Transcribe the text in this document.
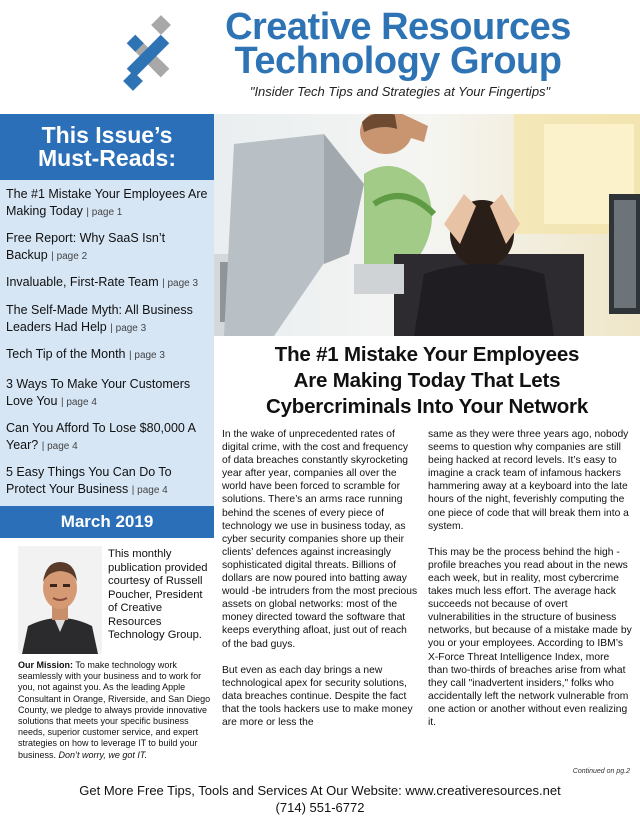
Creative Resources Technology Group
"Insider Tech Tips and Strategies at Your Fingertips"
This Issue’s
Must-Reads:
The #1 Mistake Your Employees Are Making Today | page 1
Free Report: Why SaaS Isn’t Backup | page 2
Invaluable, First-Rate Team | page 3
The Self-Made Myth: All Business Leaders Had Help | page 3
Tech Tip of the Month | page 3
3 Ways To Make Your Customers Love You | page 4
Can You Afford To Lose $80,000 A Year? | page 4
5 Easy Things You Can Do To Protect Your Business | page 4
March 2019
This monthly publication provided courtesy of Russell Poucher, President of Creative Resources Technology Group.
Our Mission: To make technology work seamlessly with your business and to work for you, not against you. As the leading Apple Consultant in Orange, Riverside, and San Diego County, we pledge to always provide innovative solutions that meets your specific business needs, superior customer service, and expert strategies on how to leverage IT to build your business. Don’t worry, we got IT.
The #1 Mistake Your Employees
Are Making Today That Lets
Cybercriminals Into Your Network

In the wake of unprecedented rates of digital crime, with the cost and frequency of data breaches constantly skyrocketing year after year, companies all over the world have been forced to scramble for solutions. There’s an arms race running behind the scenes of every piece of technology we use in business today, as cyber security companies shore up their clients’ defences against increasingly sophisticated digital threats. Billions of dollars are now poured into batting away would -be intruders from the most precious assets on global networks: most of the money directed toward the software that keeps everything afloat, just out of reach of the bad guys.

But even as each day brings a new technological apex for security solutions, data breaches continue. Despite the fact that the tools hackers use to make money are more or less the

same as they were three years ago, nobody seems to question why companies are still being hacked at record levels. It’s easy to imagine a crack team of infamous hackers hammering away at a keyboard into the late hours of the night, feverishly computing the one piece of code that will break them into a system.

This may be the process behind the high -profile breaches you read about in the news each week, but in reality, most cybercrime takes much less effort. The average hack succeeds not because of overt vulnerabilities in the structure of business networks, but because of a mistake made by you or your employees. According to IBM’s X-Force Threat Intelligence Index, more than two-thirds of breaches arise from what they call "inadvertent insiders," folks who accidentally left the network vulnerable from one action or another without even realizing it.

Continued on pg.2
Get More Free Tips, Tools and Services At Our Website: www.creativeresources.net
(714) 551-6772
